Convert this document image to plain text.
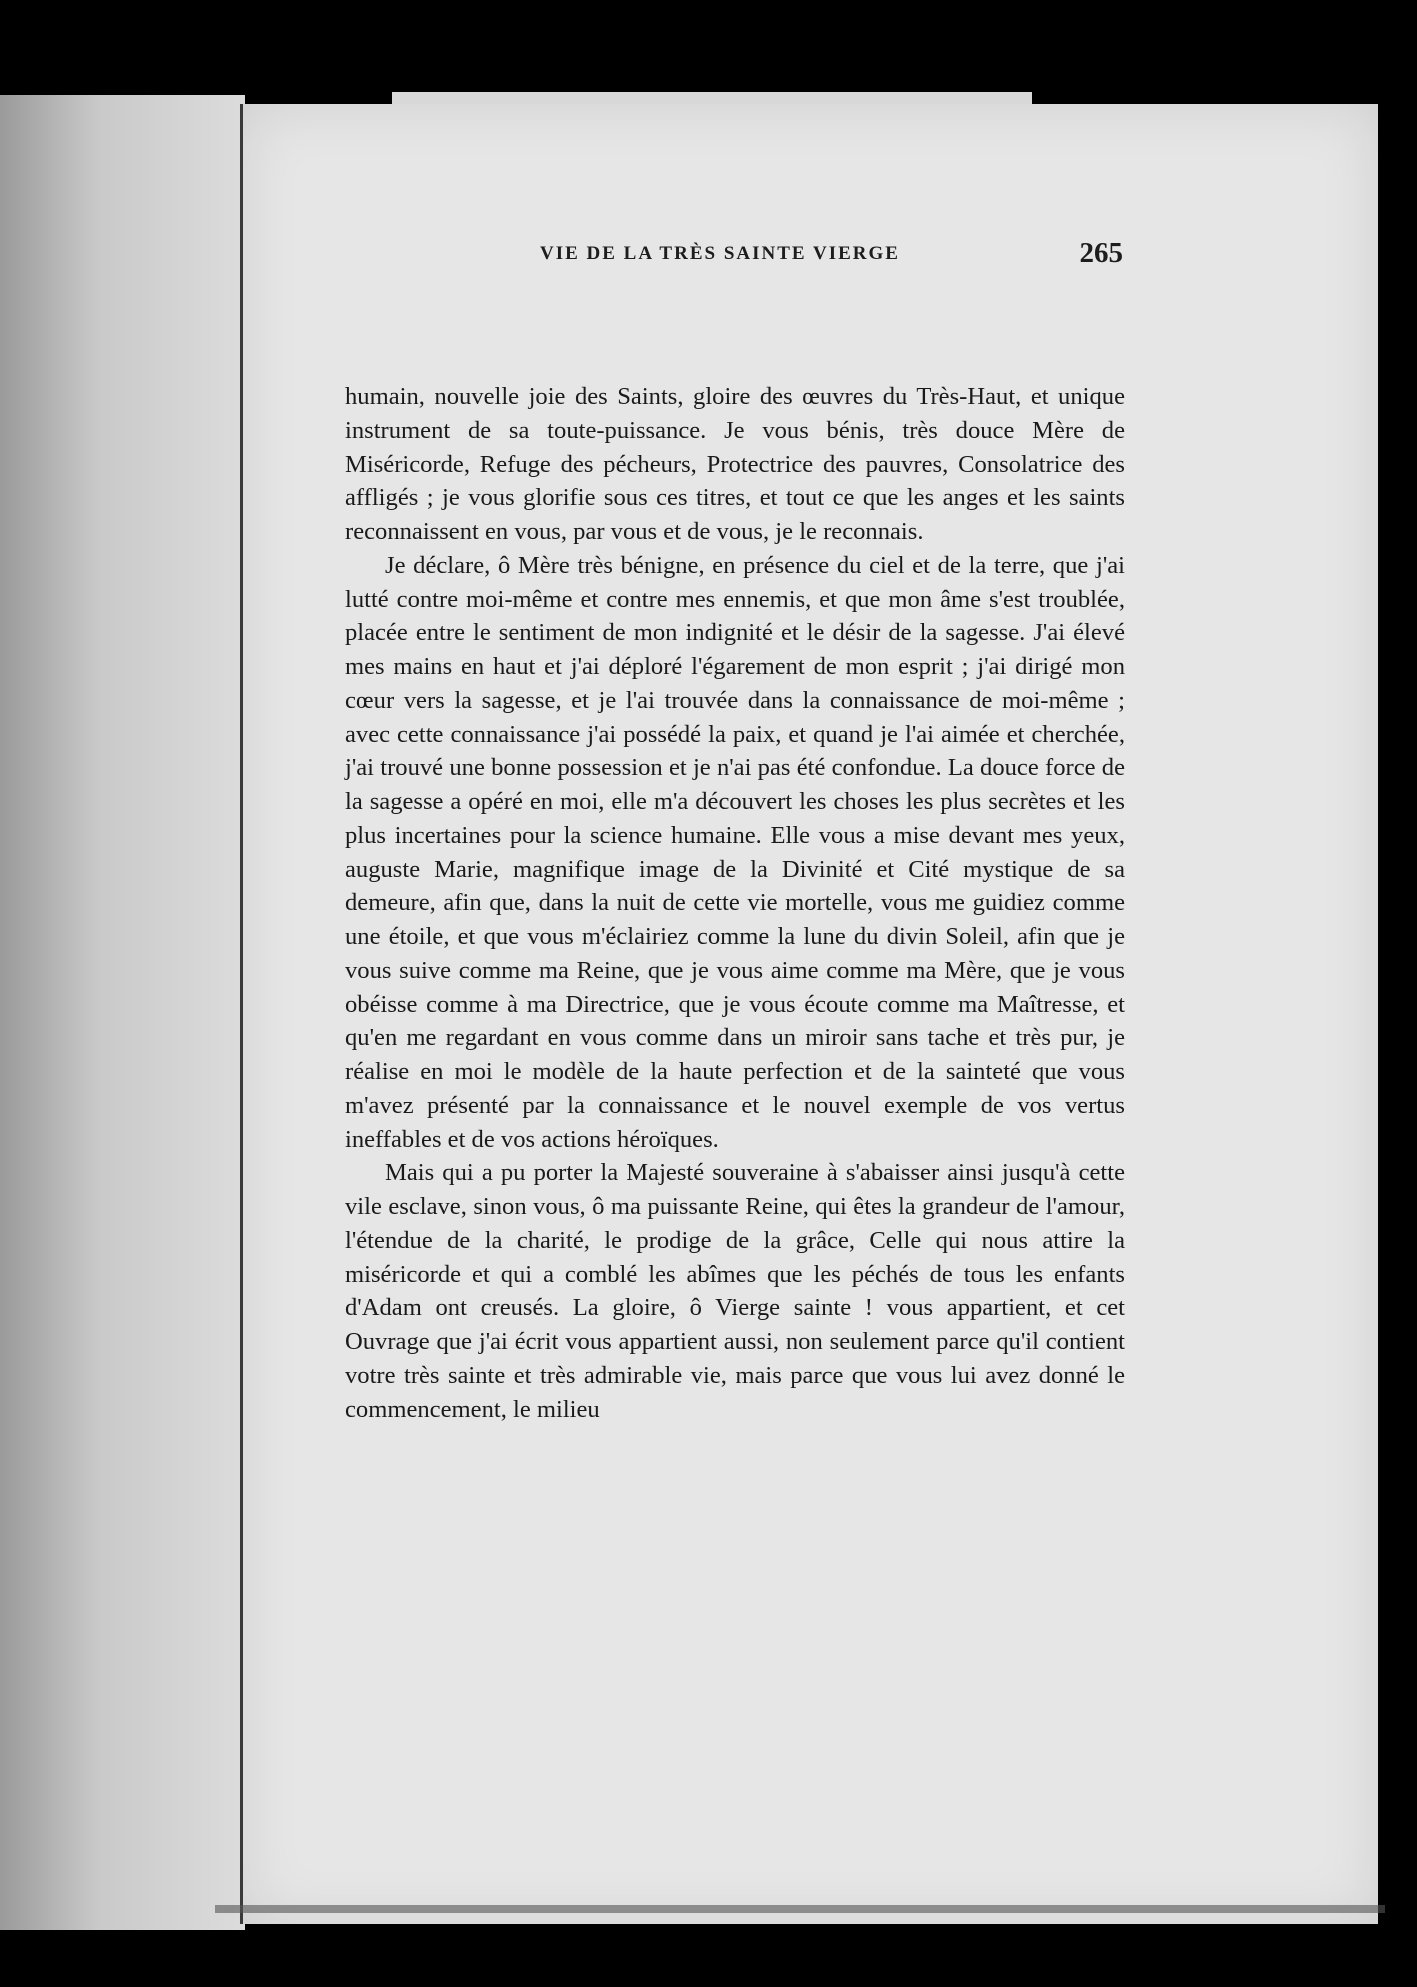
VIE DE LA TRÈS SAINTE VIERGE	265

humain, nouvelle joie des Saints, gloire des œuvres du Très-Haut, et unique instrument de sa toute-puissance. Je vous bénis, très douce Mère de Miséricorde, Refuge des pécheurs, Protectrice des pauvres, Consolatrice des affligés ; je vous glorifie sous ces titres, et tout ce que les anges et les saints reconnaissent en vous, par vous et de vous, je le reconnais.

Je déclare, ô Mère très bénigne, en présence du ciel et de la terre, que j'ai lutté contre moi-même et contre mes ennemis, et que mon âme s'est troublée, placée entre le sentiment de mon indignité et le désir de la sagesse. J'ai élevé mes mains en haut et j'ai déploré l'égarement de mon esprit ; j'ai dirigé mon cœur vers la sagesse, et je l'ai trouvée dans la connaissance de moi-même ; avec cette connaissance j'ai possédé la paix, et quand je l'ai aimée et cherchée, j'ai trouvé une bonne possession et je n'ai pas été confondue. La douce force de la sagesse a opéré en moi, elle m'a découvert les choses les plus secrètes et les plus incertaines pour la science humaine. Elle vous a mise devant mes yeux, auguste Marie, magnifique image de la Divinité et Cité mystique de sa demeure, afin que, dans la nuit de cette vie mortelle, vous me guidiez comme une étoile, et que vous m'éclairiez comme la lune du divin Soleil, afin que je vous suive comme ma Reine, que je vous aime comme ma Mère, que je vous obéisse comme à ma Directrice, que je vous écoute comme ma Maîtresse, et qu'en me regardant en vous comme dans un miroir sans tache et très pur, je réalise en moi le modèle de la haute perfection et de la sainteté que vous m'avez présenté par la connaissance et le nouvel exemple de vos vertus ineffables et de vos actions héroïques.

Mais qui a pu porter la Majesté souveraine à s'abaisser ainsi jusqu'à cette vile esclave, sinon vous, ô ma puissante Reine, qui êtes la grandeur de l'amour, l'étendue de la charité, le prodige de la grâce, Celle qui nous attire la miséricorde et qui a comblé les abîmes que les péchés de tous les enfants d'Adam ont creusés. La gloire, ô Vierge sainte ! vous appartient, et cet Ouvrage que j'ai écrit vous appartient aussi, non seulement parce qu'il contient votre très sainte et très admirable vie, mais parce que vous lui avez donné le commencement, le milieu
